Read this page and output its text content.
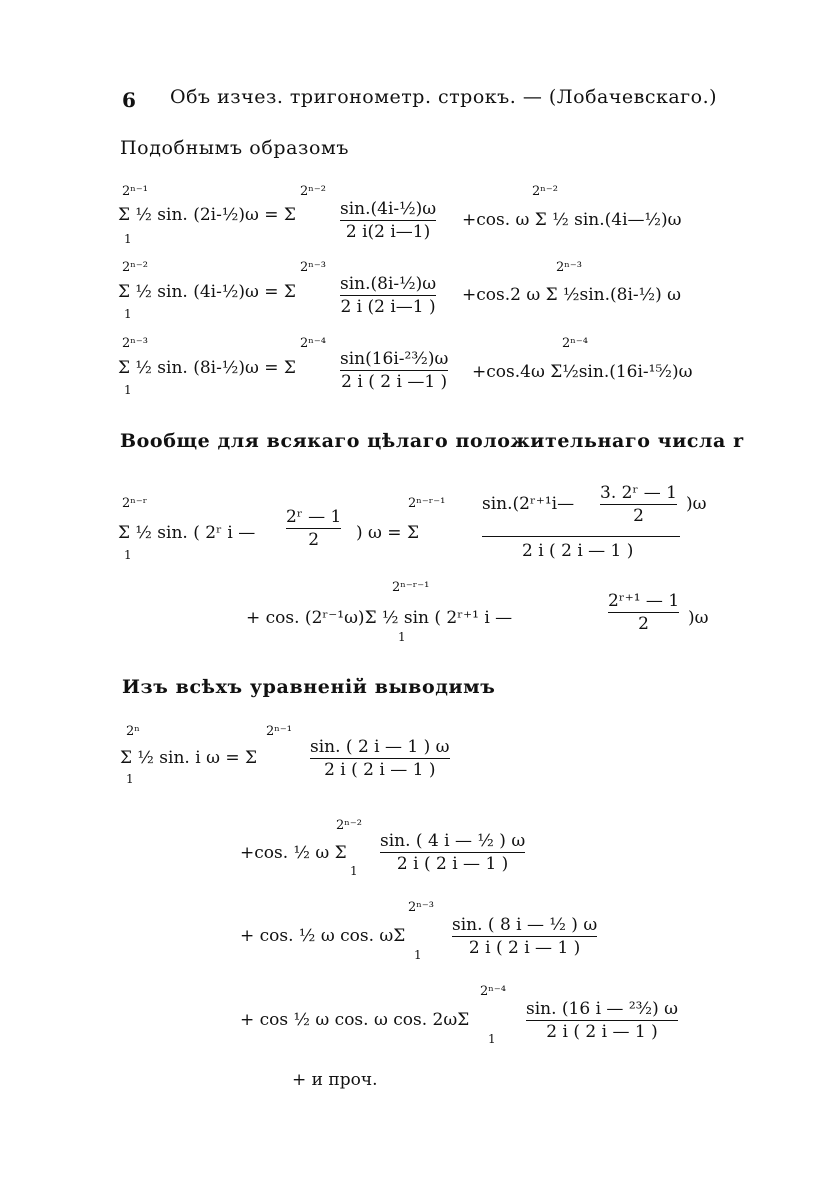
6 Объ изчез. тригонометр. строкъ. — (Лобачевскаго.)
Подобнымъ образомъ
2ⁿ⁻¹
Σ ½ sin. (2i-½)ω = Σ
2ⁿ⁻²
1
sin.(4i-½)ω
2 i(2 i—1)
2ⁿ⁻²
+cos. ω Σ ½ sin.(4i—½)ω
2ⁿ⁻²
Σ ½ sin. (4i-½)ω = Σ
2ⁿ⁻³
1
sin.(8i-¹⁄₂)ω
2 i (2 i—1 )
2ⁿ⁻³
+cos.2 ω Σ ½sin.(8i-½) ω
2ⁿ⁻³
Σ ½ sin. (8i-½)ω = Σ
2ⁿ⁻⁴
1
sin(16i-²³⁄₂)ω
2 i ( 2 i —1 )
2ⁿ⁻⁴
+cos.4ω Σ½sin.(16i-¹⁵⁄₂)ω
Вообще для всякаго цѣлаго положительнаго числа r
2ⁿ⁻ʳ
Σ ½ sin. ( 2ʳ i —
2ʳ — 1
2 ) ω = Σ
1
2ⁿ⁻ʳ⁻¹ sin.(2ʳ⁺¹i—
3. 2ʳ — 1
2
)ω
2 i ( 2 i — 1 )
2ⁿ⁻ʳ⁻¹
+ cos. (2ʳ⁻¹ω)Σ ½ sin ( 2ʳ⁺¹ i —
1
2ʳ⁺¹ — 1
2 )ω
Изъ всѣхъ уравненій выводимъ
2ⁿ
Σ ½ sin. i ω = Σ
2ⁿ⁻¹
1
sin. ( 2 i — 1 ) ω
2 i ( 2 i — 1 )
2ⁿ⁻²
+cos. ½ ω Σ
1
sin. ( 4 i — ½ ) ω
2 i ( 2 i — 1 )
2ⁿ⁻³
+ cos. ½ ω cos. ωΣ
1
sin. ( 8 i — ¹⁄₂ ) ω
2 i ( 2 i — 1 )
2ⁿ⁻⁴
+ cos ½ ω cos. ω cos. 2ωΣ
1
sin. (16 i — ²³⁄₂) ω
2 i ( 2 i — 1 )
+ и проч.
